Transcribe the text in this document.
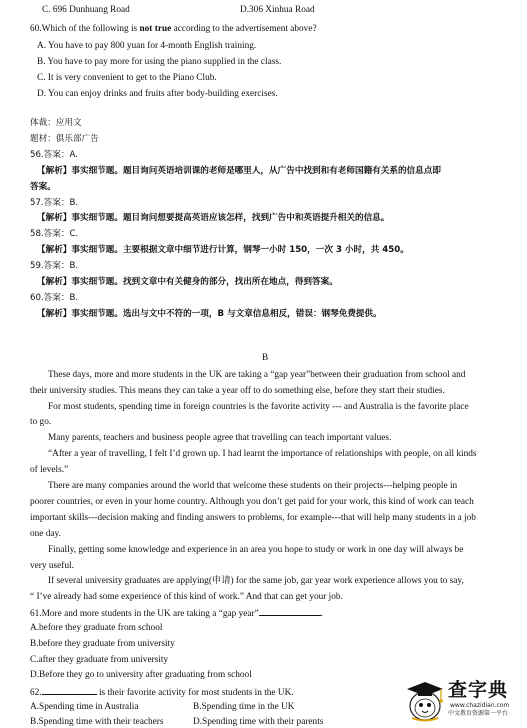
C. 696 Dunhuang Road	D.306 Xinhua Road
60.Which of the following is not true according to the advertisement above?
A. You have to pay 800 yuan for 4-month English training.
B. You have to pay more for using the piano supplied in the class.
C. It is very convenient to get to the Piano Club.
D. You can enjoy drinks and fruits after body-building exercises.
体裁：应用文
题材：俱乐部广告
56.答案：A.
【解析】事实细节题。题目询问英语培训课的老师是哪里人，从广告中找到和有老师国籍有关系的信息点即
答案。
57.答案：B.
【解析】事实细节题。题目询问想要提高英语应该怎样，找到广告中和英语提升相关的信息。
58.答案：C.
【解析】事实细节题。主要根据文章中细节进行计算，钢琴一小时 150，一次 3 小时，共 450。
59.答案：B.
【解析】事实细节题。找到文章中有关健身的部分，找出所在地点，得到答案。
60.答案：B.
【解析】事实细节题。选出与文中不符的一项，B 与文章信息相反，错误：钢琴免费提供。
B
These days, more and more students in the UK are taking a “gap year”between their graduation from school and
their university studies. This means they can take a year off to do something else, before they start their studies.
For most students, spending time in foreign countries is the favorite activity --- and Australia is the favorite place
to go.
Many parents, teachers and business people agree that travelling can teach important values.
“After a year of travelling, I felt I’d grown up. I had learnt the importance of relationships with people, on all kinds
of levels.”
There are many companies around the world that welcome these students on their projects---helping people in
poorer countries, or even in your home country. Although you don’t get paid for your work, this kind of work can teach
important skills---decision making and finding answers to problems, for example---that will help many students in a job
one day.
Finally, getting some knowledge and experience in an area you hope to study or work in one day will always be
very useful.
If several university graduates are applying(申请) for the same job, gar year work experience allows you to say,
“ I’ve already had some experience of this kind of work.” And that can get your job.
61.More and more students in the UK are taking a “gap year”	.
A.before they graduate from school
B.before they graduate from university
C.after they graduate from university
D.Before they go to university after graduating from school
62.	is their favorite activity for most students in the UK.
A.Spending time in Australia	B.Spending time in the UK
B.Spending time with their teachers	D.Spending time with their parents
查字典
www.chazidian.com
中文教育资源第一平台
